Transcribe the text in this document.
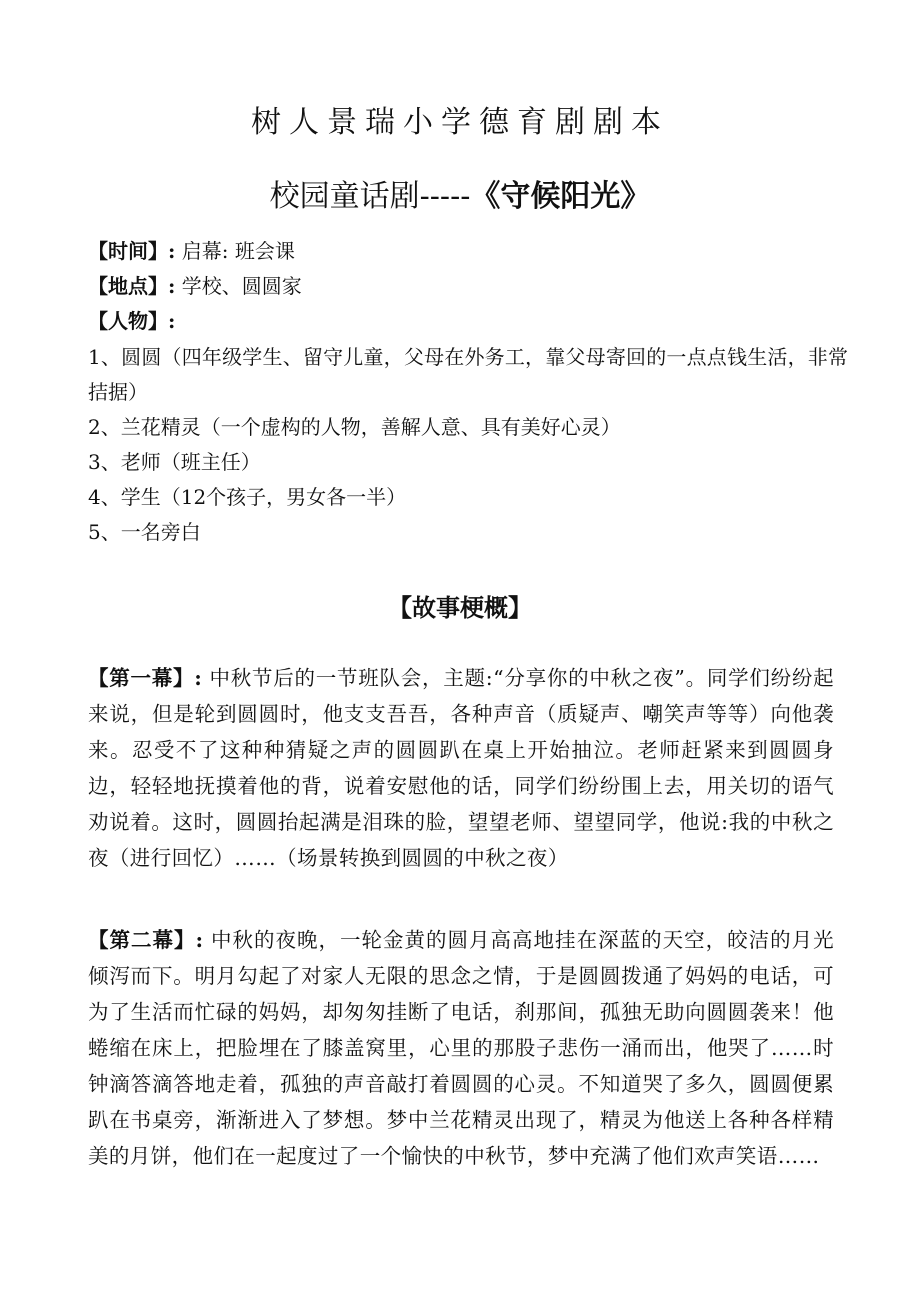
树人景瑞小学德育剧剧本
校园童话剧-----《守候阳光》
【时间】: 启幕: 班会课
【地点】: 学校、圆圆家
【人物】:
1、圆圆（四年级学生、留守儿童，父母在外务工，靠父母寄回的一点点钱生活，非常拮据）
2、兰花精灵（一个虚构的人物，善解人意、具有美好心灵）
3、老师（班主任）
4、学生（12个孩子，男女各一半）
5、一名旁白
【故事梗概】
【第一幕】: 中秋节后的一节班队会，主题:“分享你的中秋之夜”。同学们纷纷起来说，但是轮到圆圆时，他支支吾吾，各种声音（质疑声、嘲笑声等等）向他袭来。忍受不了这种种猜疑之声的圆圆趴在桌上开始抽泣。老师赶紧来到圆圆身边，轻轻地抚摸着他的背，说着安慰他的话，同学们纷纷围上去，用关切的语气劝说着。这时，圆圆抬起满是泪珠的脸，望望老师、望望同学，他说:我的中秋之夜（进行回忆）……（场景转换到圆圆的中秋之夜）
【第二幕】: 中秋的夜晚，一轮金黄的圆月高高地挂在深蓝的天空，皎洁的月光倾泻而下。明月勾起了对家人无限的思念之情，于是圆圆拨通了妈妈的电话，可为了生活而忙碌的妈妈，却匆匆挂断了电话，刹那间，孤独无助向圆圆袭来！他蜷缩在床上，把脸埋在了膝盖窝里，心里的那股子悲伤一涌而出，他哭了……时钟滴答滴答地走着，孤独的声音敲打着圆圆的心灵。不知道哭了多久，圆圆便累趴在书桌旁，渐渐进入了梦想。梦中兰花精灵出现了，精灵为他送上各种各样精美的月饼，他们在一起度过了一个愉快的中秋节，梦中充满了他们欢声笑语……
